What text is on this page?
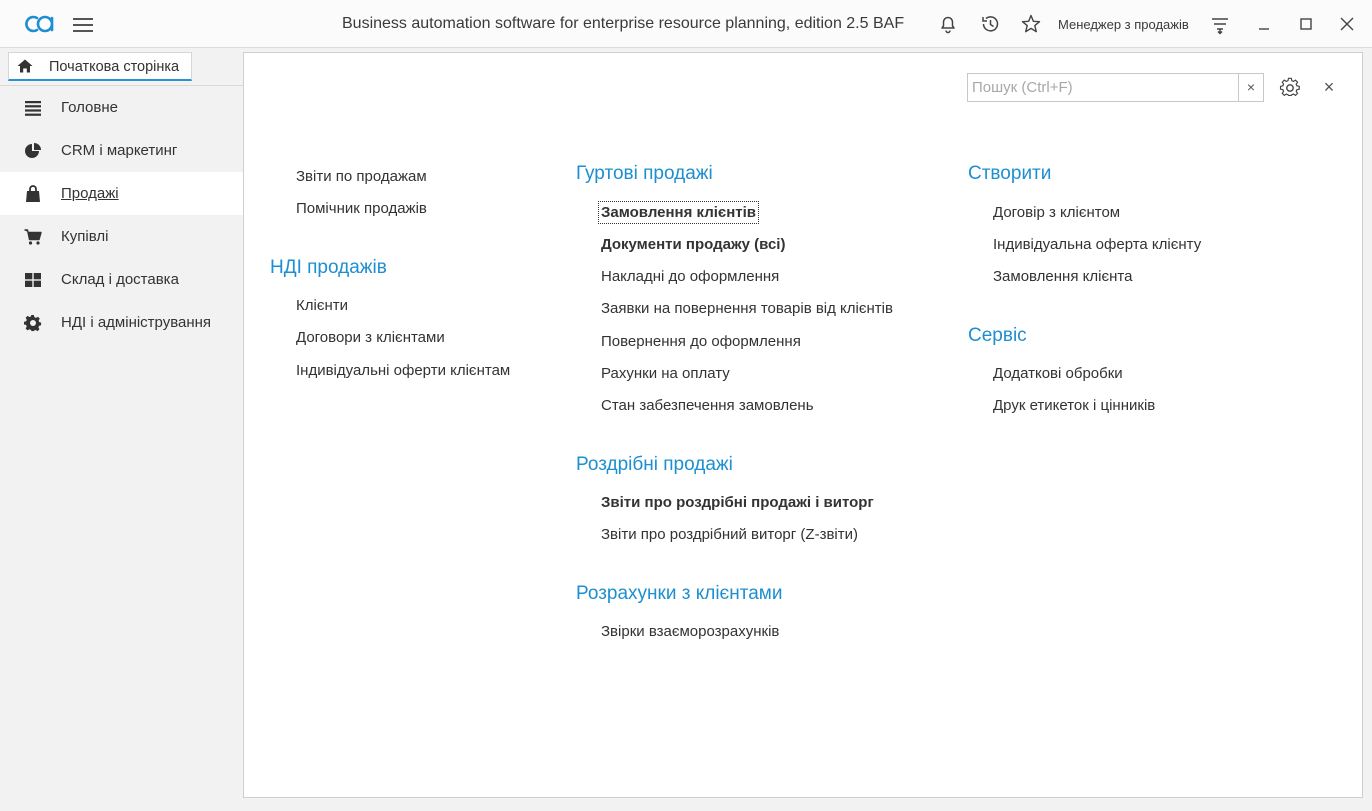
Business automation software for enterprise resource planning, edition 2.5 BAF	Менеджер з продажів
Початкова сторінка
Головне
CRM і маркетинг
Продажі
Купівлі
Склад і доставка
НДІ і адміністрування
Пошук (Ctrl+F)
×	×
Звіти по продажам
Помічник продажів
НДІ продажів
Клієнти
Договори з клієнтами
Індивідуальні оферти клієнтам
Гуртові продажі
Замовлення клієнтів
Документи продажу (всі)
Накладні до оформлення
Заявки на повернення товарів від клієнтів
Повернення до оформлення
Рахунки на оплату
Стан забезпечення замовлень
Роздрібні продажі
Звіти про роздрібні продажі і виторг
Звіти про роздрібний виторг (Z-звіти)
Розрахунки з клієнтами
Звірки взаєморозрахунків
Створити
Договір з клієнтом
Індивідуальна оферта клієнту
Замовлення клієнта
Сервіс
Додаткові обробки
Друк етикеток і цінників
